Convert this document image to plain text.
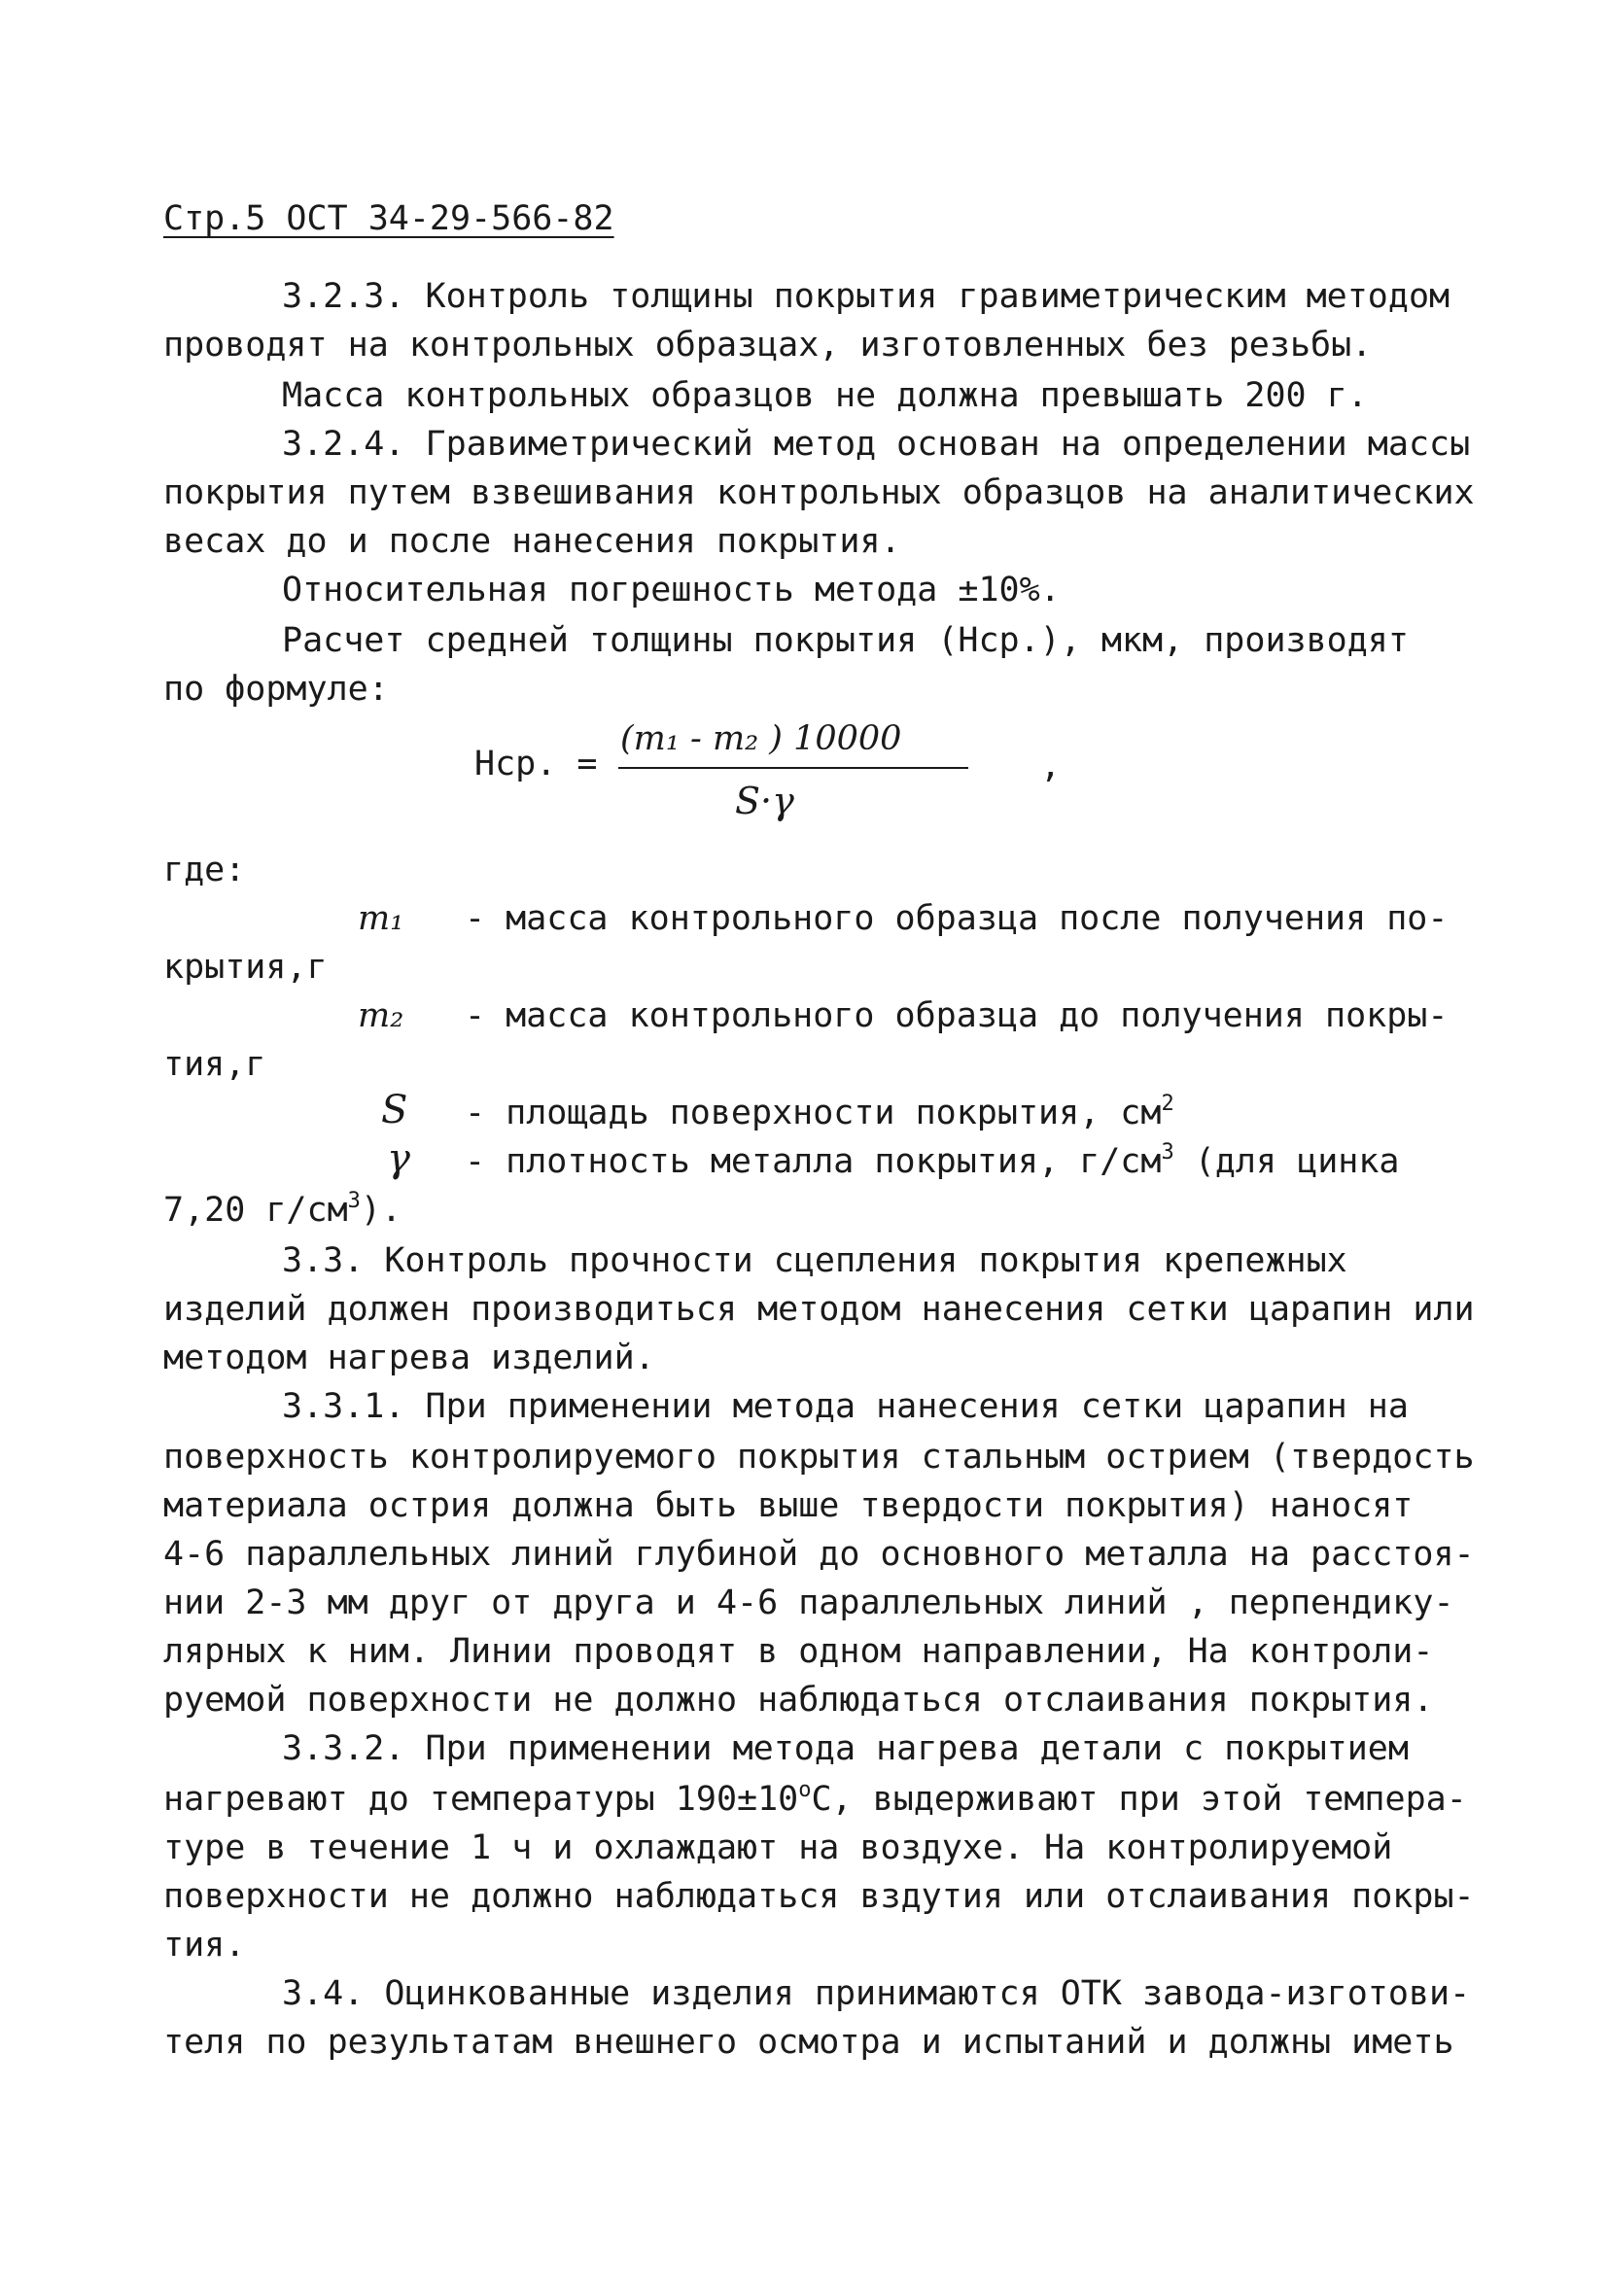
Стр.5 ОСТ 34-29-566-82
3.2.3. Контроль толщины покрытия гравиметрическим методом
проводят на контрольных образцах, изготовленных без резьбы.
Масса контрольных образцов не должна превышать 200 г.
3.2.4. Гравиметрический метод основан на определении массы
покрытия путем взвешивания контрольных образцов на аналитических
весах до и после нанесения покрытия.
Относительная погрешность метода ±10%.
Расчет средней толщины покрытия (Нср.), мкм, производят
по формуле:
Нср. =
(m₁ - m₂ ) 10000
S·γ
,
где:
m₁ - масса контрольного образца после получения по-
крытия,г
m₂ - масса контрольного образца до получения покры-
тия,г
S - площадь поверхности покрытия, $см^2$
γ - плотность металла покрытия, $г/см^3$ (для цинка
7,20 $г/см^3$).
3.3. Контроль прочности сцепления покрытия крепежных
изделий должен производиться методом нанесения сетки царапин или
методом нагрева изделий.
3.3.1. При применении метода нанесения сетки царапин на
поверхность контролируемого покрытия стальным острием (твердость
материала острия должна быть выше твердости покрытия) наносят
4-6 параллельных линий глубиной до основного металла на расстоя-
нии 2-3 мм друг от друга и 4-6 параллельных линий , перпендику-
лярных к ним. Линии проводят в одном направлении, На контроли-
руемой поверхности не должно наблюдаться отслаивания покрытия.
3.3.2. При применении метода нагрева детали с покрытием
нагревают до температуры $190\pm 10^оС$, выдерживают при этой темпера-
туре в течение 1 ч и охлаждают на воздухе. На контролируемой
поверхности не должно наблюдаться вздутия или отслаивания покры-
тия.
3.4. Оцинкованные изделия принимаются ОТК завода-изготови-
теля по результатам внешнего осмотра и испытаний и должны иметь
